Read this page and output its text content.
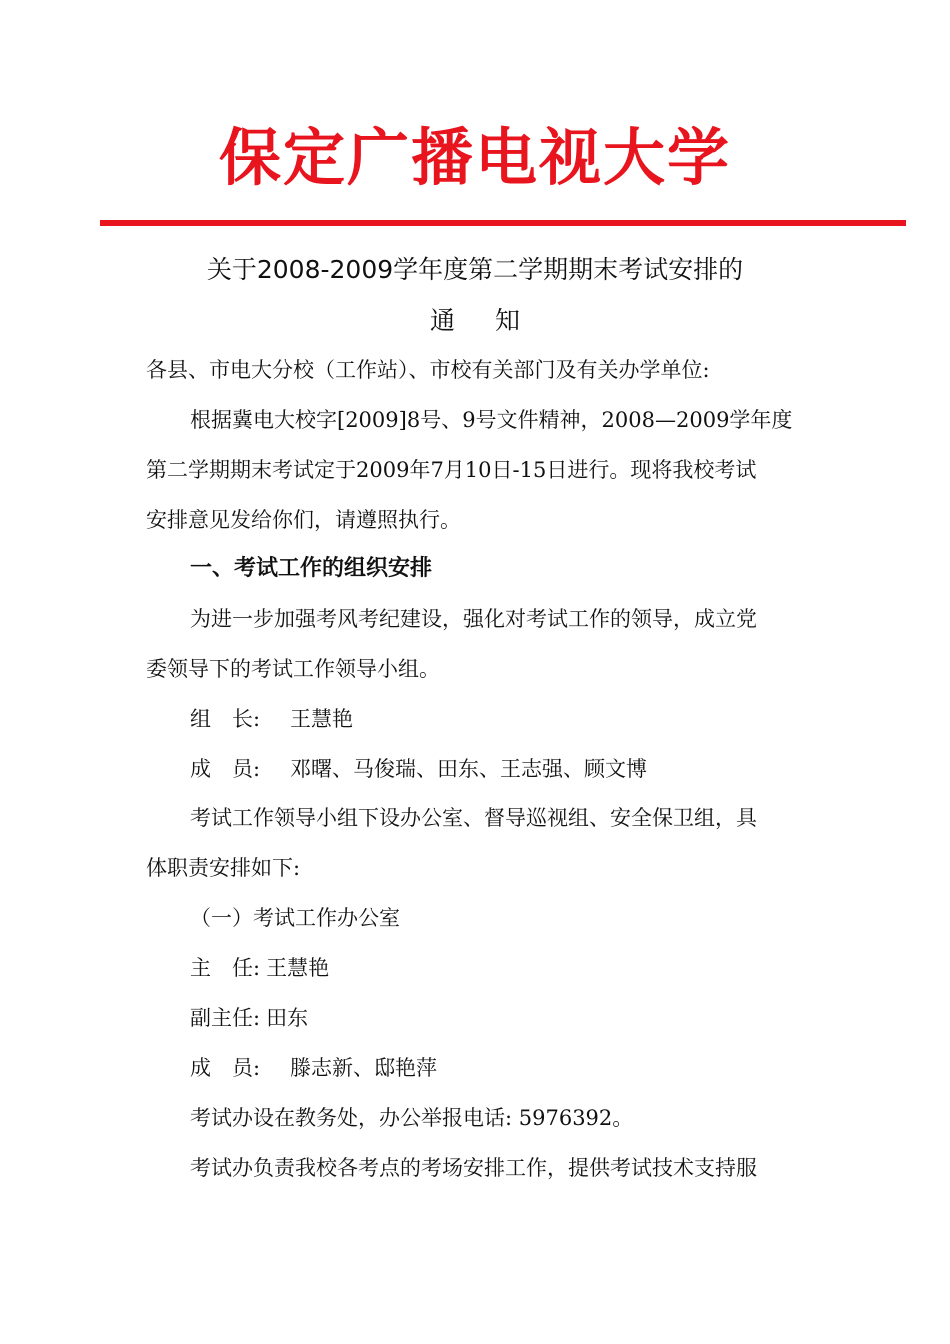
保定广播电视大学
关于2008-2009学年度第二学期期末考试安排的
通 知
各县、市电大分校（工作站）、市校有关部门及有关办学单位:
根据冀电大校字[2009]8号、9号文件精神，2008—2009学年度
第二学期期末考试定于2009年7月10日-15日进行。现将我校考试
安排意见发给你们，请遵照执行。
一、考试工作的组织安排
为进一步加强考风考纪建设，强化对考试工作的领导，成立党
委领导下的考试工作领导小组。
组　长: 王慧艳
成　员: 邓曙、马俊瑞、田东、王志强、顾文博
考试工作领导小组下设办公室、督导巡视组、安全保卫组，具
体职责安排如下:
（一）考试工作办公室
主　任: 王慧艳
副主任: 田东
成　员: 滕志新、邸艳萍
考试办设在教务处，办公举报电话: 5976392。
考试办负责我校各考点的考场安排工作，提供考试技术支持服
